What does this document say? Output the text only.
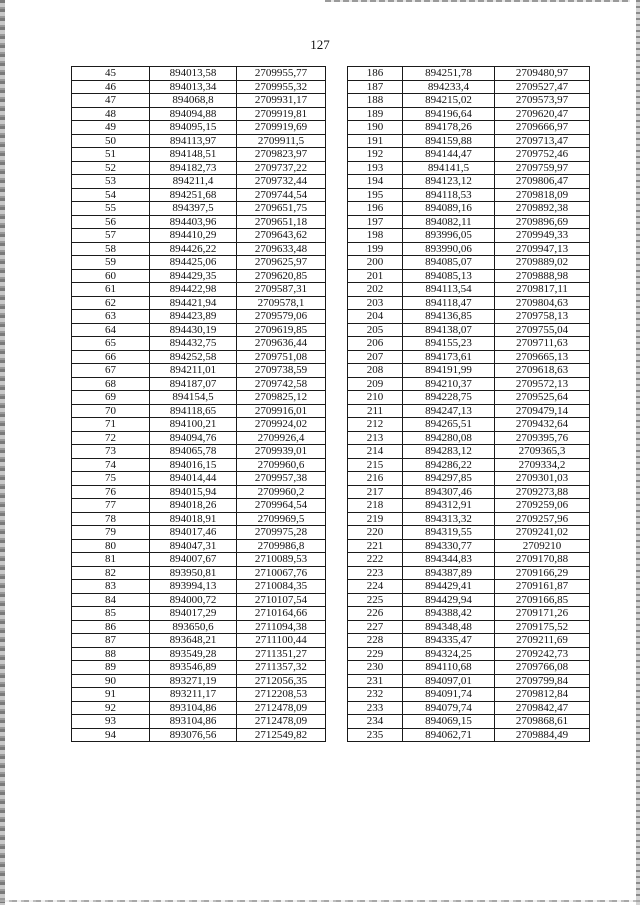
127
45	894013,58	2709955,77		186	894251,78	2709480,97
46	894013,34	2709955,32		187	894233,4	2709527,47
47	894068,8	2709931,17		188	894215,02	2709573,97
48	894094,88	2709919,81		189	894196,64	2709620,47
49	894095,15	2709919,69		190	894178,26	2709666,97
50	894113,97	2709911,5		191	894159,88	2709713,47
51	894148,51	2709823,97		192	894144,47	2709752,46
52	894182,73	2709737,22		193	894141,5	2709759,97
53	894211,4	2709732,44		194	894123,12	2709806,47
54	894251,68	2709744,54		195	894118,53	2709818,09
55	894397,5	2709651,75		196	894089,16	2709892,38
56	894403,96	2709651,18		197	894082,11	2709896,69
57	894410,29	2709643,62		198	893996,05	2709949,33
58	894426,22	2709633,48		199	893990,06	2709947,13
59	894425,06	2709625,97		200	894085,07	2709889,02
60	894429,35	2709620,85		201	894085,13	2709888,98
61	894422,98	2709587,31		202	894113,54	2709817,11
62	894421,94	2709578,1		203	894118,47	2709804,63
63	894423,89	2709579,06		204	894136,85	2709758,13
64	894430,19	2709619,85		205	894138,07	2709755,04
65	894432,75	2709636,44		206	894155,23	2709711,63
66	894252,58	2709751,08		207	894173,61	2709665,13
67	894211,01	2709738,59		208	894191,99	2709618,63
68	894187,07	2709742,58		209	894210,37	2709572,13
69	894154,5	2709825,12		210	894228,75	2709525,64
70	894118,65	2709916,01		211	894247,13	2709479,14
71	894100,21	2709924,02		212	894265,51	2709432,64
72	894094,76	2709926,4		213	894280,08	2709395,76
73	894065,78	2709939,01		214	894283,12	2709365,3
74	894016,15	2709960,6		215	894286,22	2709334,2
75	894014,44	2709957,38		216	894297,85	2709301,03
76	894015,94	2709960,2		217	894307,46	2709273,88
77	894018,26	2709964,54		218	894312,91	2709259,06
78	894018,91	2709969,5		219	894313,32	2709257,96
79	894017,46	2709975,28		220	894319,55	2709241,02
80	894047,31	2709986,8		221	894330,77	2709210
81	894007,67	2710089,53		222	894344,83	2709170,88
82	893950,81	2710067,76		223	894387,89	2709166,29
83	893994,13	2710084,35		224	894429,41	2709161,87
84	894000,72	2710107,54		225	894429,94	2709166,85
85	894017,29	2710164,66		226	894388,42	2709171,26
86	893650,6	2711094,38		227	894348,48	2709175,52
87	893648,21	2711100,44		228	894335,47	2709211,69
88	893549,28	2711351,27		229	894324,25	2709242,73
89	893546,89	2711357,32		230	894110,68	2709766,08
90	893271,19	2712056,35		231	894097,01	2709799,84
91	893211,17	2712208,53		232	894091,74	2709812,84
92	893104,86	2712478,09		233	894079,74	2709842,47
93	893104,86	2712478,09		234	894069,15	2709868,61
94	893076,56	2712549,82		235	894062,71	2709884,49
